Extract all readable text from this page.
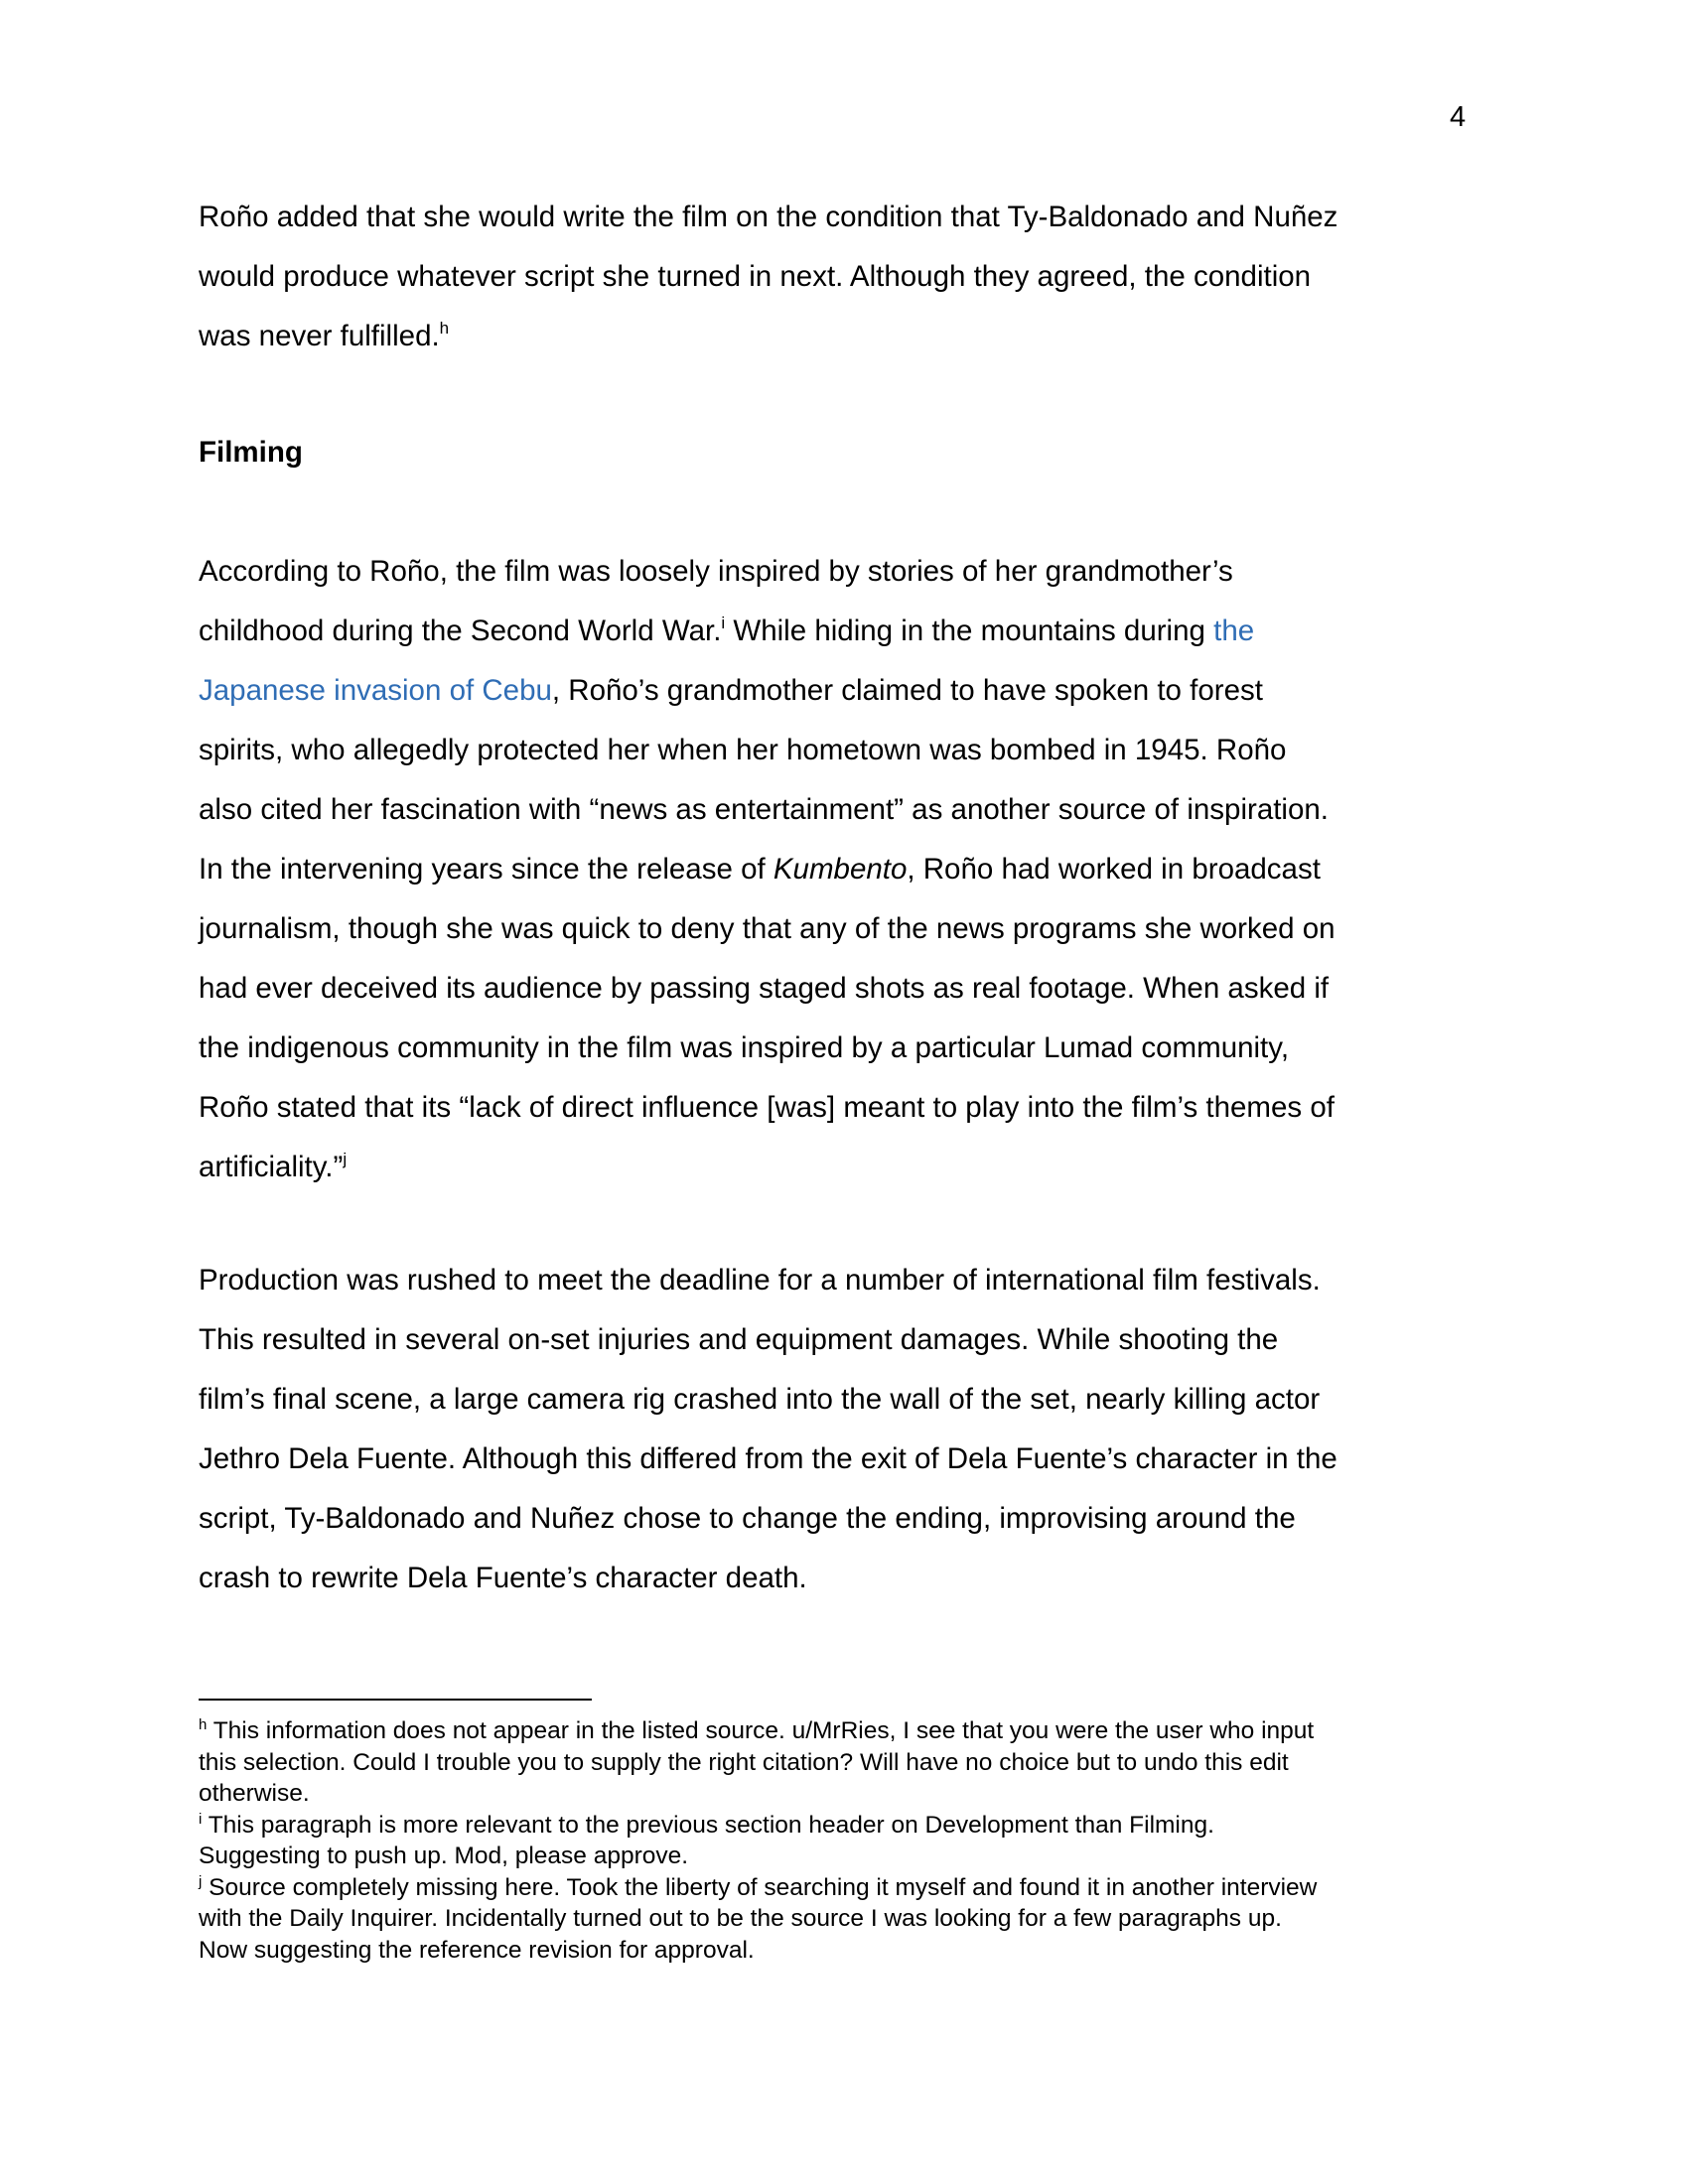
4

Roño added that she would write the film on the condition that Ty-Baldonado and Nuñez

would produce whatever script she turned in next. Although they agreed, the condition

was never fulfilled.$^h$

Filming

According to Roño, the film was loosely inspired by stories of her grandmother’s

childhood during the Second World War.$^i$ While hiding in the mountains during the

Japanese invasion of Cebu, Roño’s grandmother claimed to have spoken to forest

spirits, who allegedly protected her when her hometown was bombed in 1945. Roño

also cited her fascination with “news as entertainment” as another source of inspiration.

In the intervening years since the release of Kumbento, Roño had worked in broadcast

journalism, though she was quick to deny that any of the news programs she worked on

had ever deceived its audience by passing staged shots as real footage. When asked if

the indigenous community in the film was inspired by a particular Lumad community,

Roño stated that its “lack of direct influence [was] meant to play into the film’s themes of

artificiality.”$^j$

Production was rushed to meet the deadline for a number of international film festivals.

This resulted in several on-set injuries and equipment damages. While shooting the

film’s final scene, a large camera rig crashed into the wall of the set, nearly killing actor

Jethro Dela Fuente. Although this differed from the exit of Dela Fuente’s character in the

script, Ty-Baldonado and Nuñez chose to change the ending, improvising around the

crash to rewrite Dela Fuente’s character death.

$^h$ This information does not appear in the listed source. u/MrRies, I see that you were the user who input
this selection. Could I trouble you to supply the right citation? Will have no choice but to undo this edit
otherwise.
$^i$ This paragraph is more relevant to the previous section header on Development than Filming.
Suggesting to push up. Mod, please approve.
$^j$ Source completely missing here. Took the liberty of searching it myself and found it in another interview
with the Daily Inquirer. Incidentally turned out to be the source I was looking for a few paragraphs up.
Now suggesting the reference revision for approval.
